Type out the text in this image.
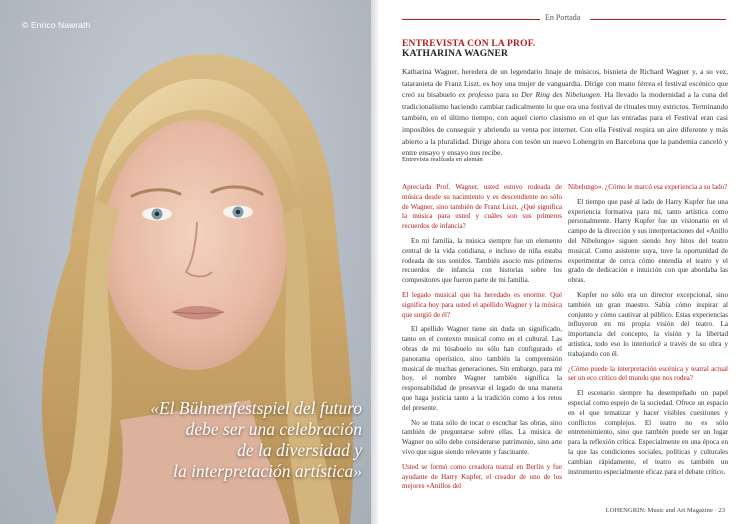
© Enrico Nawrath
«El Bühnenfestspiel del futuro
debe ser una celebración
de la diversidad y
la interpretación artística»
En Portada
ENTREVISTA CON LA PROF.
KATHARINA WAGNER
Katharina Wagner, heredera de un legendario linaje de músicos, bisnieta de Richard Wagner y, a su vez, tataranieta de Franz Liszt, es hoy una mujer de vanguardia. Dirige con mano férrea el festival escénico que creó su bisabuelo ex professo para su Der Ring des Nibelungen. Ha llevado la modernidad a la cuna del tradicionalismo haciendo cambiar radicalmente lo que era una festival de rituales muy estrictos. Terminando también, en el último tiempo, con aquel cierto clasismo en el que las entradas para el Festival eran casi imposibles de conseguir y abriendo su venta por internet. Con ella Festival respira un aire diferente y más abierto a la pluralidad. Dirige ahora con tesón un nuevo Lohengrin en Barcelona que la pandemia canceló y entre ensayo y ensayo nos recibe.
Entrevista realizada en alemán

Apreciada Prof. Wagner, usted estuvo rodeada de música desde su nacimiento y es descendiente no sólo de Wagner, sino también de Franz Liszt. ¿Qué significa la música para usted y cuáles son sus primeros recuerdos de infancia?

En mi familia, la música siempre fue un elemento central de la vida cotidiana, e incluso de niña estaba rodeada de sus sonidos. También asocio mis primeros recuerdos de infancia con historias sobre los compositores que fueron parte de mi familia.

El legado musical que ha heredado es enorme. Qué significa hoy para usted el apellido Wagner y la música que surgió de él?

El apellido Wagner tiene sin duda un significado, tanto en el contexto musical como en el cultural. Las obras de mi bisabuelo no sólo han configurado el panorama operístico, sino también la comprensión musical de muchas generaciones. Sin embargo, para mí hoy, el nombre Wagner también significa la responsabilidad de preservar el legado de una manera que haga justicia tanto a la tradición como a los retos del presente.

No se trata sólo de tocar o escuchar las obras, sino también de preguntarse sobre ellas. La música de Wagner no sólo debe considerarse patrimonio, sino arte vivo que sigue siendo relevante y fascinante.

Usted se formó como creadora teatral en Berlín y fue ayudante de Harry Kupfer, el creador de uno de los mejores «Anillos del

Nibelungo». ¿Cómo le marcó esa experiencia a su lado?

El tiempo que pasé al lado de Harry Kupfer fue una experiencia formativa para mí, tanto artística como personalmente. Harry Kupfer fue un visionario en el campo de la dirección y sus interpretaciones del «Anillo del Nibelungo» siguen siendo hoy hitos del teatro musical. Como asistente suya, tuve la oportunidad de experimentar de cerca cómo entendía el teatro y el grado de dedicación e intuición con que abordaba las obras.

Kupfer no sólo era un director excepcional, sino también un gran maestro. Sabía cómo inspirar al conjunto y cómo cautivar al público. Estas experiencias influyeron en mi propia visión del teatro. La importancia del concepto, la visión y la libertad artística, todo eso lo interioricé a través de su obra y trabajando con él.

¿Cómo puede la interpretación escénica y teatral actual ser un eco crítico del mundo que nos rodea?

El escenario siempre ha desempeñado un papel especial como espejo de la sociedad. Ofrece un espacio en el que tematizar y hacer visibles cuestiones y conflictos complejos. El teatro no es sólo entretenimiento, sino que también puede ser un lugar para la reflexión crítica. Especialmente en una época en la que las condiciones sociales, políticas y culturales cambian rápidamente, el teatro es también un instrumento especialmente eficaz para el debate crítico.

LOHENGRIN: Music and Art Magazine · 23
